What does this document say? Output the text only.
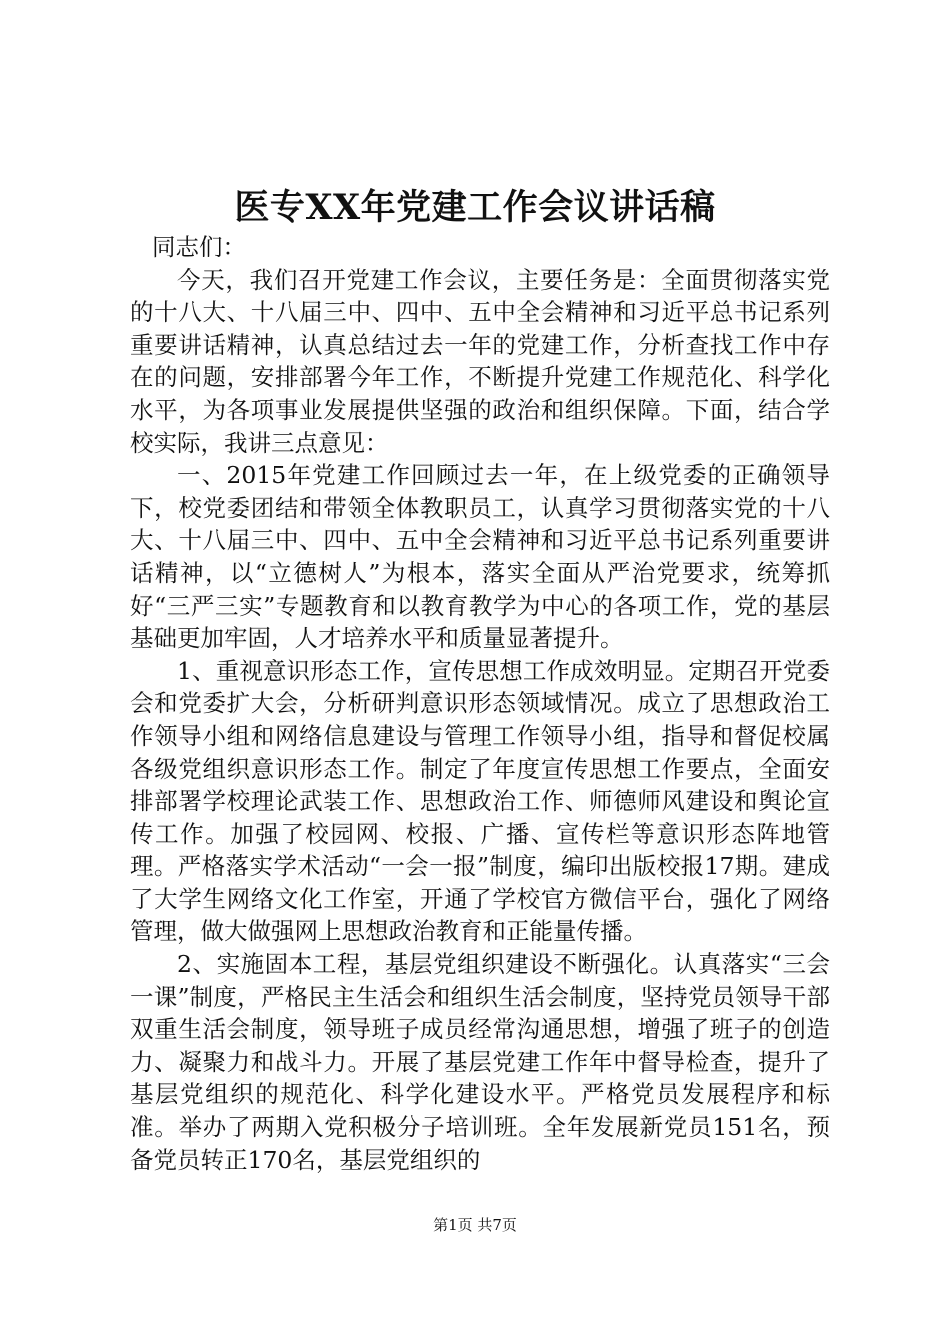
医专XX年党建工作会议讲话稿

同志们：

今天，我们召开党建工作会议，主要任务是：全面贯彻落实党的十八大、十八届三中、四中、五中全会精神和习近平总书记系列重要讲话精神，认真总结过去一年的党建工作，分析查找工作中存在的问题，安排部署今年工作，不断提升党建工作规范化、科学化水平，为各项事业发展提供坚强的政治和组织保障。下面，结合学校实际，我讲三点意见：

一、2015年党建工作回顾过去一年，在上级党委的正确领导下，校党委团结和带领全体教职员工，认真学习贯彻落实党的十八大、十八届三中、四中、五中全会精神和习近平总书记系列重要讲话精神，以“立德树人”为根本，落实全面从严治党要求，统筹抓好“三严三实”专题教育和以教育教学为中心的各项工作，党的基层基础更加牢固，人才培养水平和质量显著提升。

1、重视意识形态工作，宣传思想工作成效明显。定期召开党委会和党委扩大会，分析研判意识形态领域情况。成立了思想政治工作领导小组和网络信息建设与管理工作领导小组，指导和督促校属各级党组织意识形态工作。制定了年度宣传思想工作要点，全面安排部署学校理论武装工作、思想政治工作、师德师风建设和舆论宣传工作。加强了校园网、校报、广播、宣传栏等意识形态阵地管理。严格落实学术活动“一会一报”制度，编印出版校报17期。建成了大学生网络文化工作室，开通了学校官方微信平台，强化了网络管理，做大做强网上思想政治教育和正能量传播。

2、实施固本工程，基层党组织建设不断强化。认真落实“三会一课”制度，严格民主生活会和组织生活会制度，坚持党员领导干部双重生活会制度，领导班子成员经常沟通思想，增强了班子的创造力、凝聚力和战斗力。开展了基层党建工作年中督导检查，提升了基层党组织的规范化、科学化建设水平。严格党员发展程序和标准。举办了两期入党积极分子培训班。全年发展新党员151名，预备党员转正170名，基层党组织的

第1页 共7页
